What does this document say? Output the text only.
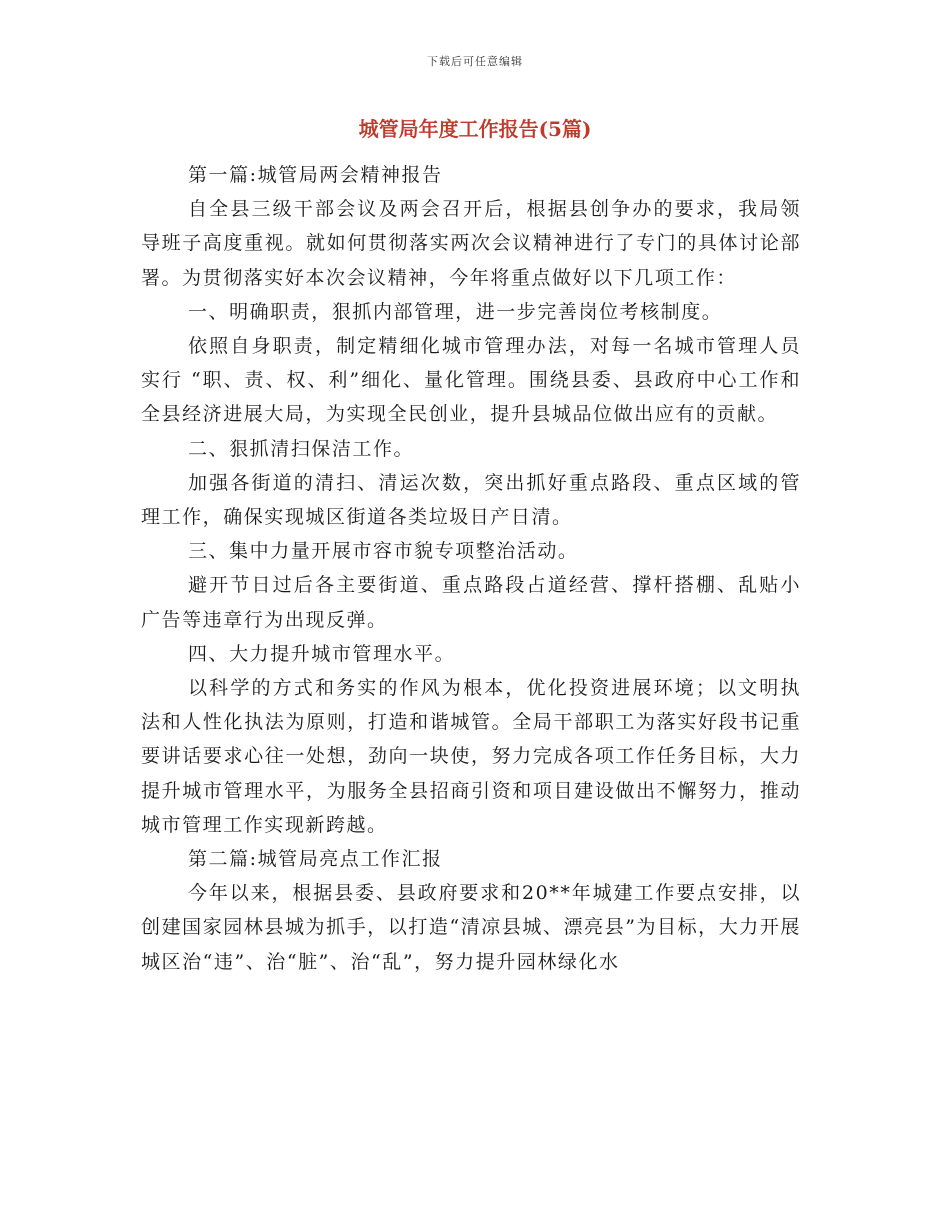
下载后可任意编辑
城管局年度工作报告(5篇)

第一篇:城管局两会精神报告

自全县三级干部会议及两会召开后，根据县创争办的要求，我局领导班子高度重视。就如何贯彻落实两次会议精神进行了专门的具体讨论部署。为贯彻落实好本次会议精神，今年将重点做好以下几项工作：

一、明确职责，狠抓内部管理，进一步完善岗位考核制度。

依照自身职责，制定精细化城市管理办法，对每一名城市管理人员实行 “职、责、权、利”细化、量化管理。围绕县委、县政府中心工作和全县经济进展大局，为实现全民创业，提升县城品位做出应有的贡献。

二、狠抓清扫保洁工作。

加强各街道的清扫、清运次数，突出抓好重点路段、重点区域的管理工作，确保实现城区街道各类垃圾日产日清。

三、集中力量开展市容市貌专项整治活动。

避开节日过后各主要街道、重点路段占道经营、撑杆搭棚、乱贴小广告等违章行为出现反弹。

四、大力提升城市管理水平。

以科学的方式和务实的作风为根本，优化投资进展环境；以文明执法和人性化执法为原则，打造和谐城管。全局干部职工为落实好段书记重要讲话要求心往一处想，劲向一块使，努力完成各项工作任务目标，大力提升城市管理水平，为服务全县招商引资和项目建设做出不懈努力，推动城市管理工作实现新跨越。

第二篇:城管局亮点工作汇报

今年以来，根据县委、县政府要求和20**年城建工作要点安排，以创建国家园林县城为抓手，以打造“清凉县城、漂亮县”为目标，大力开展城区治“违”、治“脏”、治“乱”，努力提升园林绿化水
